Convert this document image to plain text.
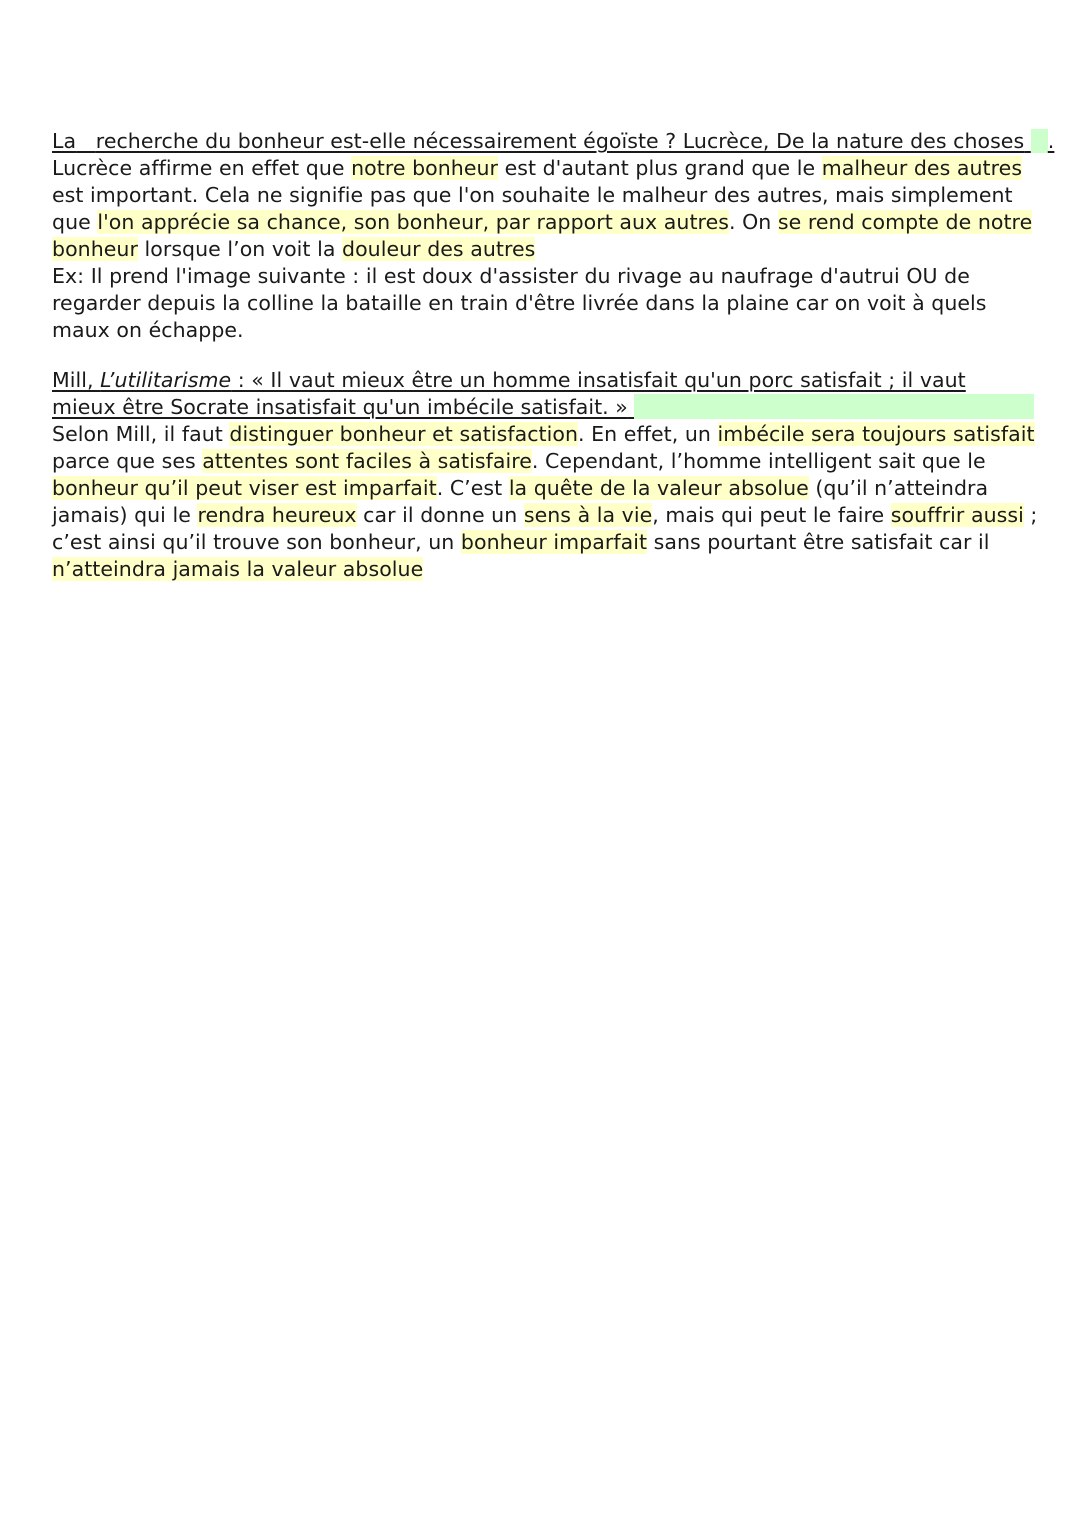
La recherche du bonheur est-elle nécessairement égoïste ? Lucrèce, De la nature des choses .
Lucrèce affirme en effet que notre bonheur est d'autant plus grand que le malheur des autres
est important. Cela ne signifie pas que l'on souhaite le malheur des autres, mais simplement
que l'on apprécie sa chance, son bonheur, par rapport aux autres. On se rend compte de notre
bonheur lorsque l’on voit la douleur des autres
Ex: Il prend l'image suivante : il est doux d'assister du rivage au naufrage d'autrui OU de
regarder depuis la colline la bataille en train d'être livrée dans la plaine car on voit à quels
maux on échappe.
Mill, L’utilitarisme : « Il vaut mieux être un homme insatisfait qu'un porc satisfait ; il vaut
mieux être Socrate insatisfait qu'un imbécile satisfait. »
Selon Mill, il faut distinguer bonheur et satisfaction. En effet, un imbécile sera toujours satisfait
parce que ses attentes sont faciles à satisfaire. Cependant, l’homme intelligent sait que le
bonheur qu’il peut viser est imparfait. C’est la quête de la valeur absolue (qu’il n’atteindra
jamais) qui le rendra heureux car il donne un sens à la vie, mais qui peut le faire souffrir aussi ;
c’est ainsi qu’il trouve son bonheur, un bonheur imparfait sans pourtant être satisfait car il
n’atteindra jamais la valeur absolue
